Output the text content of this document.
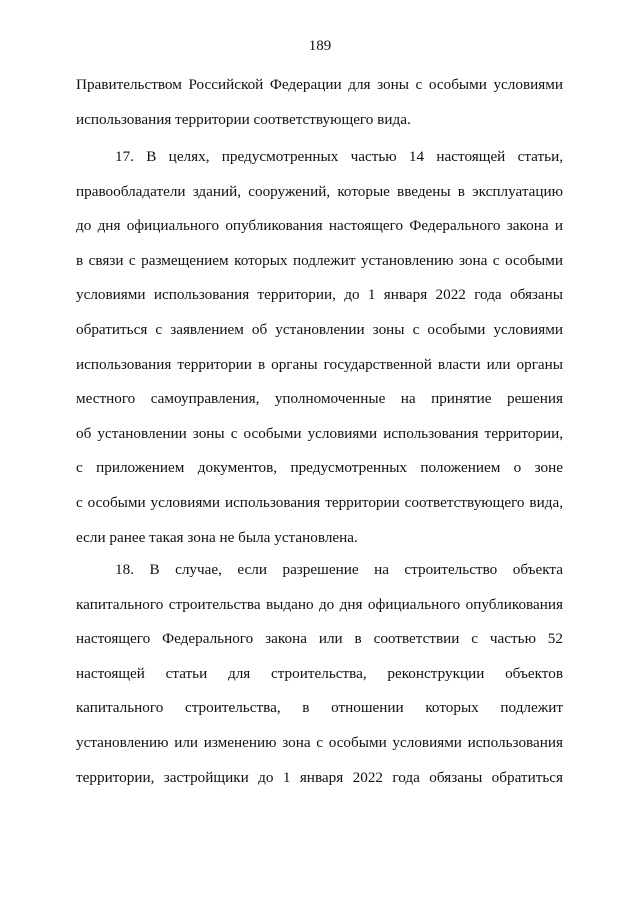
189
Правительством Российской Федерации для зоны с особыми условиями
использования территории соответствующего вида.
17. В целях, предусмотренных частью 14 настоящей статьи,
правообладатели зданий, сооружений, которые введены в эксплуатацию
до дня официального опубликования настоящего Федерального закона и
в связи с размещением которых подлежит установлению зона с особыми
условиями использования территории, до 1 января 2022 года обязаны
обратиться с заявлением об установлении зоны с особыми условиями
использования территории в органы государственной власти или органы
местного самоуправления, уполномоченные на принятие решения
об установлении зоны с особыми условиями использования территории,
с приложением документов, предусмотренных положением о зоне
с особыми условиями использования территории соответствующего вида,
если ранее такая зона не была установлена.
18. В случае, если разрешение на строительство объекта
капитального строительства выдано до дня официального опубликования
настоящего Федерального закона или в соответствии с частью 52
настоящей статьи для строительства, реконструкции объектов
капитального строительства, в отношении которых подлежит
установлению или изменению зона с особыми условиями использования
территории, застройщики до 1 января 2022 года обязаны обратиться
